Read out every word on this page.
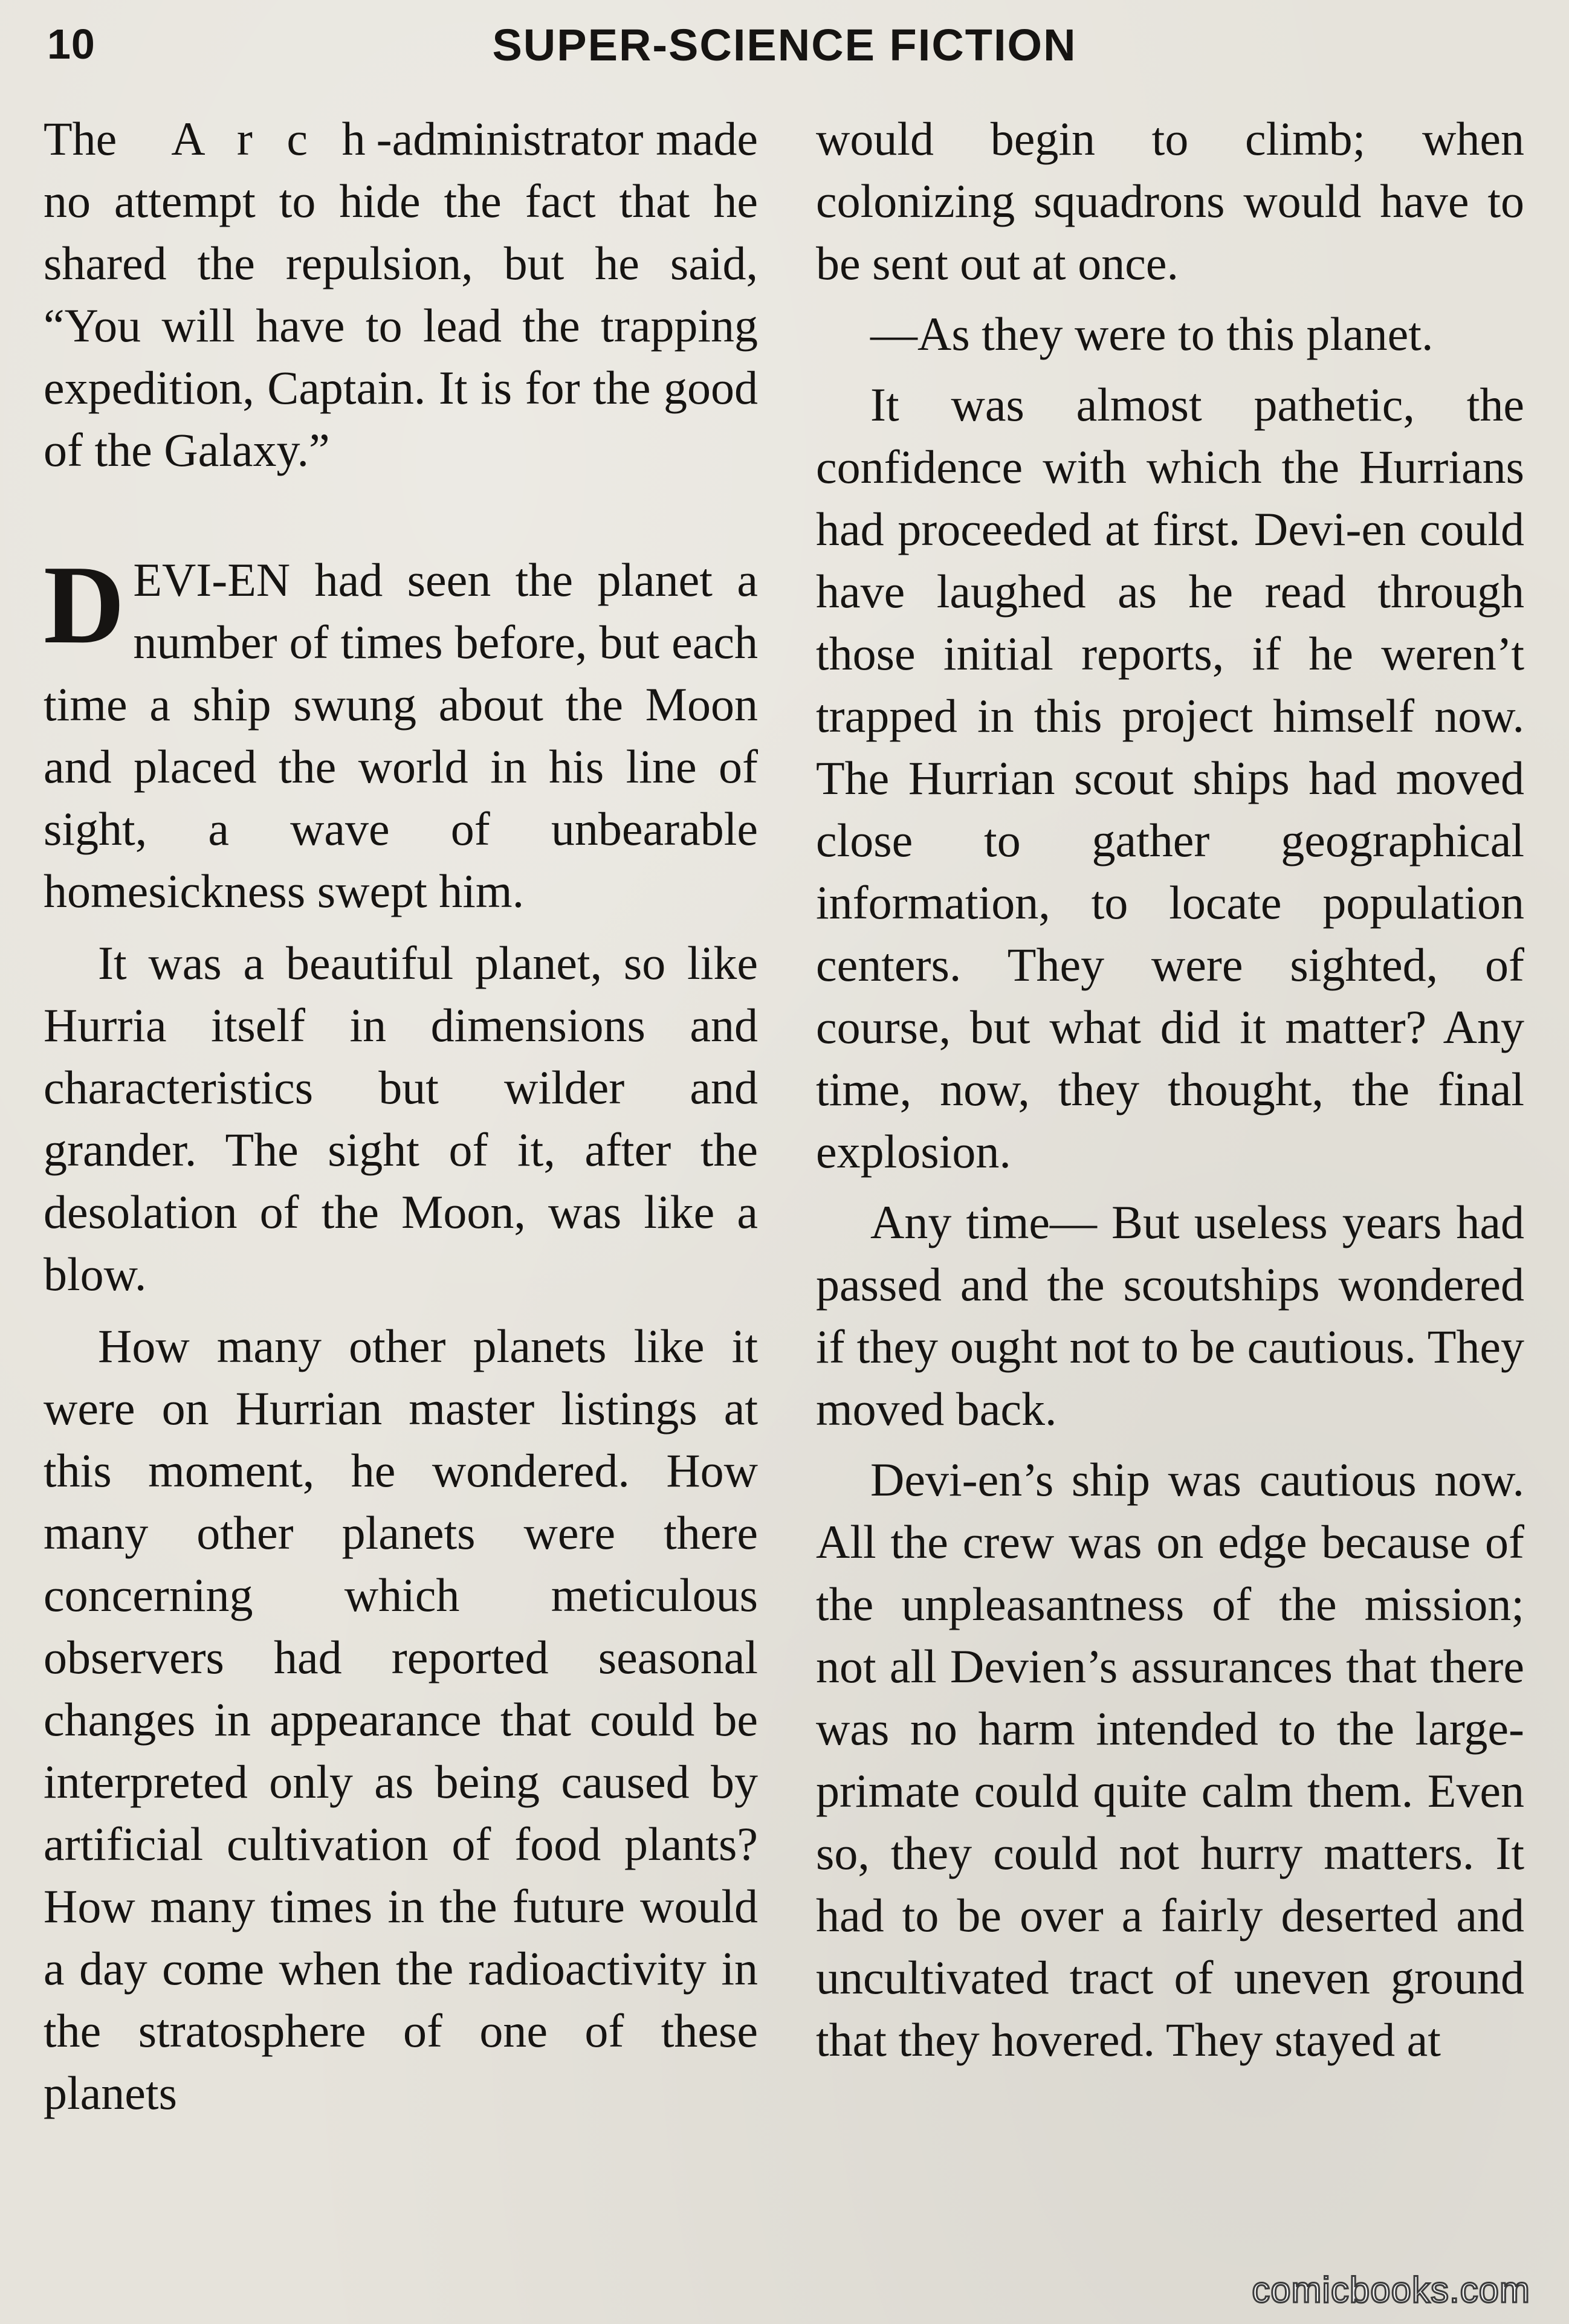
10	SUPER-SCIENCE FICTION

The A r c h-administrator made no attempt to hide the fact that he shared the repulsion, but he said, “You will have to lead the trapping expedition, Captain. It is for the good of the Galaxy.”

DEVI-EN had seen the planet a number of times before, but each time a ship swung about the Moon and placed the world in his line of sight, a wave of unbearable homesickness swept him.

It was a beautiful planet, so like Hurria itself in dimensions and characteristics but wilder and grander. The sight of it, after the desolation of the Moon, was like a blow.

How many other planets like it were on Hurrian master listings at this moment, he wondered. How many other planets were there concerning which meticulous observers had reported seasonal changes in appearance that could be interpreted only as being caused by artificial cultivation of food plants? How many times in the future would a day come when the radioactivity in the stratosphere of one of these planets

would begin to climb; when colonizing squadrons would have to be sent out at once.

—As they were to this planet.

It was almost pathetic, the confidence with which the Hurrians had proceeded at first. Devi-en could have laughed as he read through those initial reports, if he weren’t trapped in this project himself now. The Hurrian scout ships had moved close to gather geographical information, to locate population centers. They were sighted, of course, but what did it matter? Any time, now, they thought, the final explosion.

Any time— But useless years had passed and the scoutships wondered if they ought not to be cautious. They moved back.

Devi-en’s ship was cautious now. All the crew was on edge because of the unpleasantness of the mission; not all Devien’s assurances that there was no harm intended to the largeprimate could quite calm them. Even so, they could not hurry matters. It had to be over a fairly deserted and uncultivated tract of uneven ground that they hovered. They stayed at

comicbooks.com
